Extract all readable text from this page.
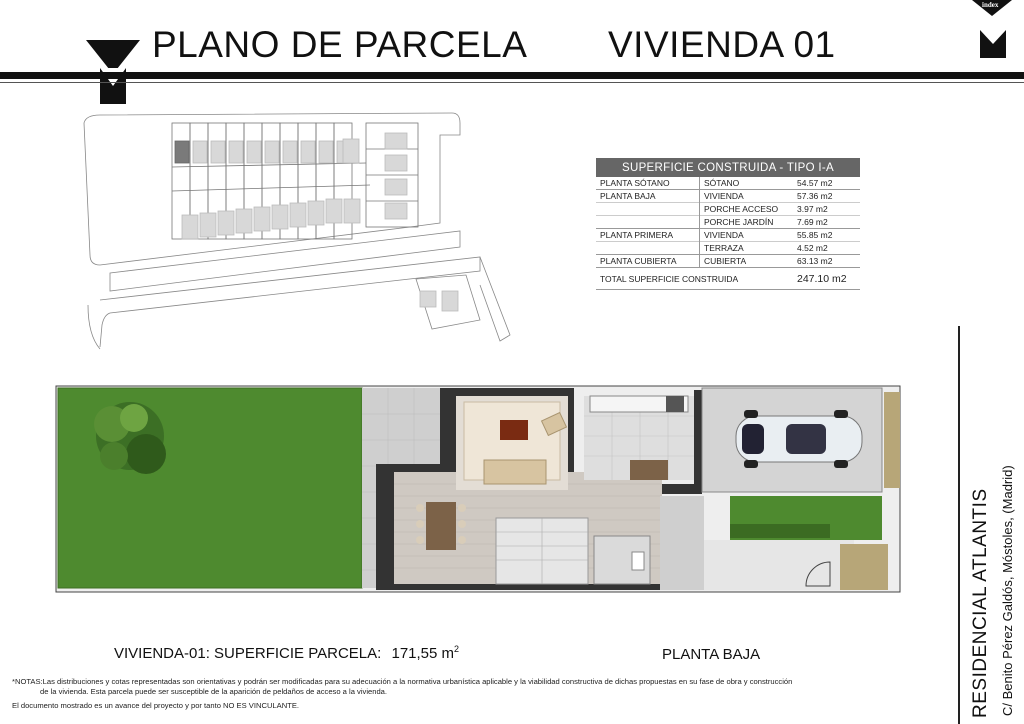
PLANO DE PARCELA VIVIENDA 01
index
SUPERFICIE CONSTRUIDA - TIPO I-A		
PLANTA SÓTANO	SÓTANO	54.57 m2
PLANTA BAJA	VIVIENDA	57.36 m2
	PORCHE ACCESO	3.97 m2
	PORCHE JARDÍN	7.69 m2
PLANTA PRIMERA	VIVIENDA	55.85 m2
	TERRAZA	4.52 m2
PLANTA CUBIERTA	CUBIERTA	63.13 m2
TOTAL SUPERFICIE CONSTRUIDA		247.10 m2
VIVIENDA-01: SUPERFICIE PARCELA: 171,55 $m^2$	PLANTA BAJA
*NOTAS:Las distribuciones y cotas representadas son orientativas y podrán ser modificadas para su adecuación a la normativa urbanística aplicable y la viabilidad constructiva de dichas propuestas en su fase de obra y construcción
de la vivienda. Esta parcela puede ser susceptible de la aparición de peldaños de acceso a la vivienda.
El documento mostrado es un avance del proyecto y por tanto NO ES VINCULANTE.	RESIDENCIAL ATLANTIS C/ Benito Pérez Galdós, Móstoles, (Madrid)
